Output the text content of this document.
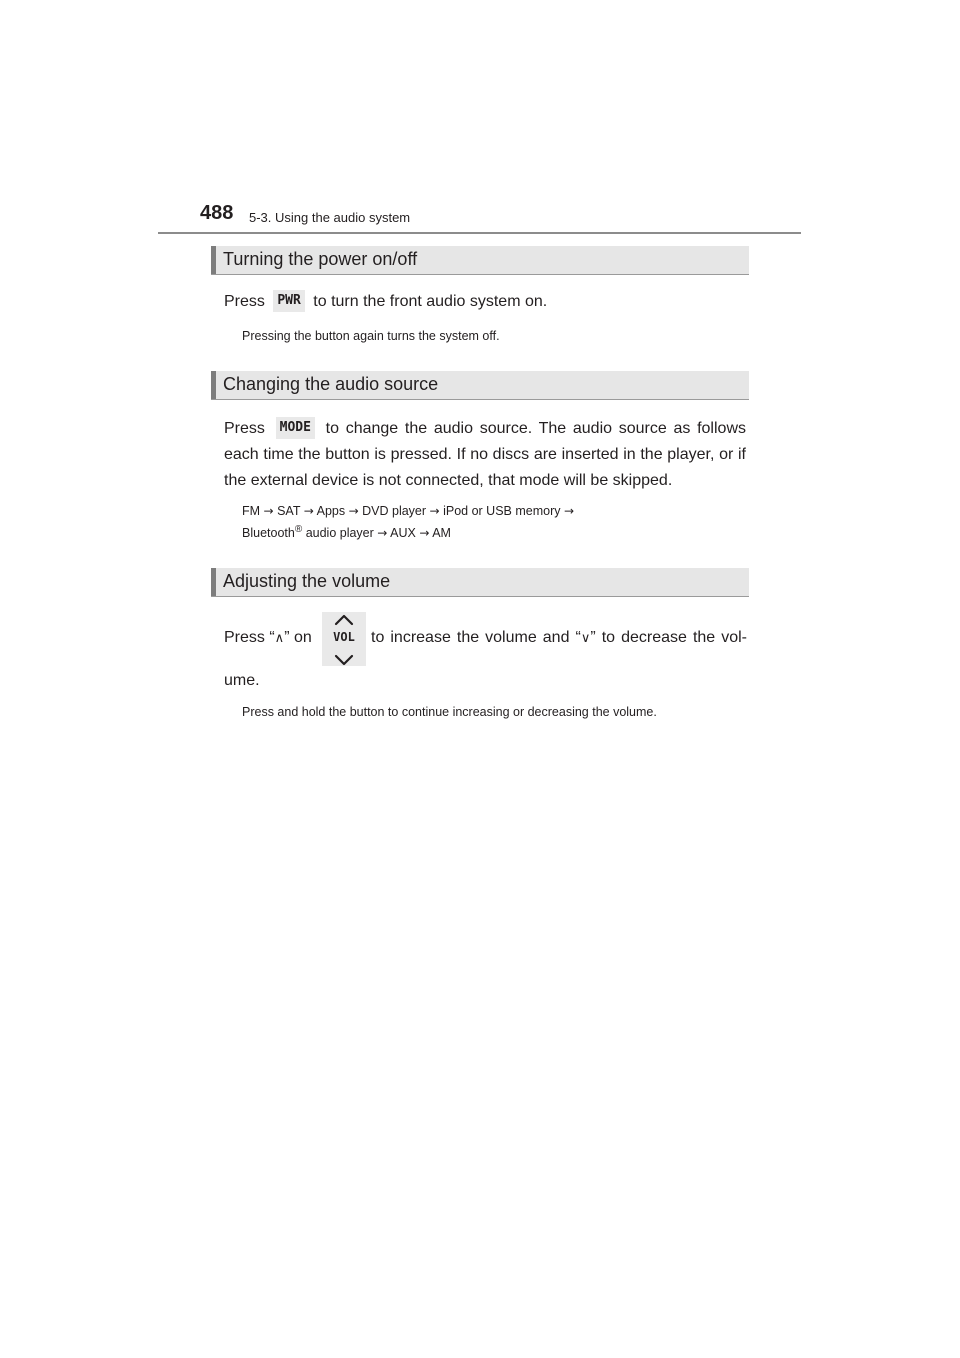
488 5-3. Using the audio system
Turning the power on/off
Press PWR to turn the front audio system on.
Pressing the button again turns the system off.
Changing the audio source
Press MODE to change the audio source. The audio source as follows
each time the button is pressed. If no discs are inserted in the player, or if
the external device is not connected, that mode will be skipped.
FM → SAT → Apps → DVD player → iPod or USB memory →
Bluetooth® audio player → AUX → AM
Adjusting the volume
Press “∧” on	VOL	to increase the volume and “∨” to decrease the vol-
ume.
Press and hold the button to continue increasing or decreasing the volume.
